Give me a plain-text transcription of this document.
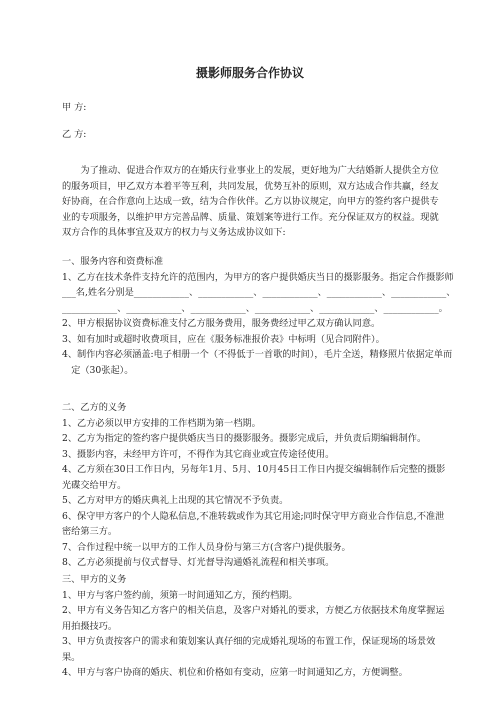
摄影师服务合作协议
甲 方:
乙 方:
为了推动、促进合作双方的在婚庆行业事业上的发展，更好地为广大结婚新人提供全方位的服务项目，甲乙双方本着平等互利，共同发展，优势互补的原则，双方达成合作共赢，经友好协商，在合作意向上达成一致，结为合作伙伴。乙方以协议规定，向甲方的签约客户提供专业的专项服务，以维护甲方完善品牌、质量、策划案等进行工作。充分保证双方的权益。现就双方合作的具体事宜及双方的权力与义务达成协议如下:
一、服务内容和资费标准
1、乙方在技术条件支持允许的范围内，为甲方的客户提供婚庆当日的摄影服务。指定合作摄影师
___名,姓名分别是____________、____________、____________、____________、____________、
____________、____________、____________、____________、____________、____________。
2、甲方根据协议资费标准支付乙方服务费用，服务费经过甲乙双方确认同意。
3、如有加时或超时收费项目，应在《服务标准报价表》中标明（见合同附件）。
4、制作内容必须涵盖:电子相册一个（不得低于一首歌的时间），毛片全送，精修照片依据定单而
定（30张起）。
二、乙方的义务
1、乙方必须以甲方安排的工作档期为第一档期。
2、乙方为指定的签约客户提供婚庆当日的摄影服务。摄影完成后，并负责后期编辑制作。
3、摄影内容，未经甲方许可，不得作为其它商业或宣传途径使用。
4、乙方须在30日工作日内，另每年1月、5月、10月45日工作日内提交编辑制作后完整的摄影光碟交给甲方。
5、乙方对甲方的婚庆典礼上出现的其它情况不予负责。
6、保守甲方客户的个人隐私信息,不准转载或作为其它用途;同时保守甲方商业合作信息,不准泄密给第三方。
7、合作过程中统一以甲方的工作人员身份与第三方(含客户)提供服务。
8、乙方必须提前与仪式督导、灯光督导沟通婚礼流程和相关事项。
三、甲方的义务
1、甲方与客户签约前，须第一时间通知乙方，预约档期。
2、甲方有义务告知乙方客户的相关信息，及客户对婚礼的要求，方便乙方依据技术角度掌握运用拍摄技巧。
3、甲方负责按客户的需求和策划案认真仔细的完成婚礼现场的布置工作，保证现场的场景效果。
4、甲方与客户协商的婚庆、机位和价格如有变动，应第一时间通知乙方，方便调整。
